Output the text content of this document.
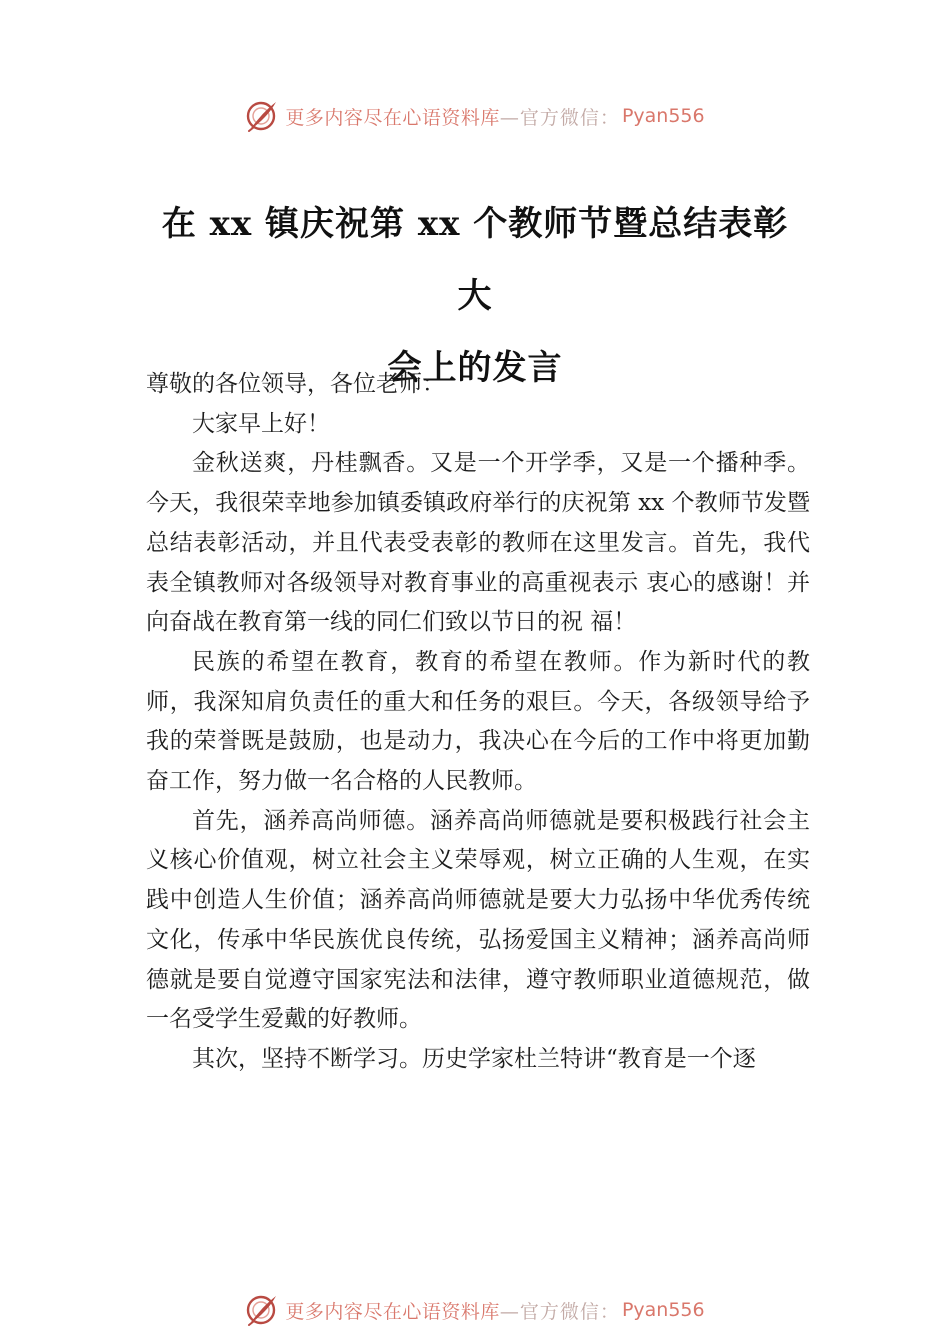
更多内容尽在心语资料库 —官方微信： Pyan556
在 xx 镇庆祝第 xx 个教师节暨总结表彰大
会上的发言

尊敬的各位领导，各位老师：

大家早上好！

金秋送爽，丹桂飘香。又是一个开学季，又是一个播种季。今天，我很荣幸地参加镇委镇政府举行的庆祝第 xx 个教师节发暨总结表彰活动，并且代表受表彰的教师在这里发言。首先，我代表全镇教师对各级领导对教育事业的高重视表示 衷心的感谢！并向奋战在教育第一线的同仁们致以节日的祝 福！

民族的希望在教育，教育的希望在教师。作为新时代的教师，我深知肩负责任的重大和任务的艰巨。今天，各级领导给予我的荣誉既是鼓励，也是动力，我决心在今后的工作中将更加勤奋工作，努力做一名合格的人民教师。

首先，涵养高尚师德。涵养高尚师德就是要积极践行社会主义核心价值观，树立社会主义荣辱观，树立正确的人生观，在实践中创造人生价值；涵养高尚师德就是要大力弘扬中华优秀传统文化，传承中华民族优良传统，弘扬爱国主义精神；涵养高尚师德就是要自觉遵守国家宪法和法律，遵守教师职业道德规范，做一名受学生爱戴的好教师。

其次，坚持不断学习。历史学家杜兰特讲“教育是一个逐

更多内容尽在心语资料库 —官方微信： Pyan556
